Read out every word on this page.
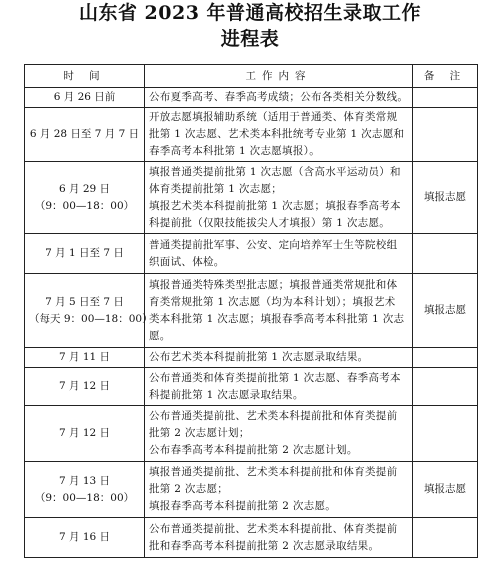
山东省 2023 年普通高校招生录取工作
进程表
时 间	工作内容	备 注

6 月 26 日前	公布夏季高考、春季高考成绩；公布各类相关分数线。	

6 月 28 日至 7 月 7 日	开放志愿填报辅助系统（适用于普通类、体育类常规
批第 1 次志愿、艺术类本科批统考专业第 1 次志愿和
春季高考本科批第 1 次志愿填报）。	

6 月 29 日
（9：00—18：00）	填报普通类提前批第 1 次志愿（含高水平运动员）和
体育类提前批第 1 次志愿；
填报艺术类本科提前批第 1 次志愿；填报春季高考本
科提前批（仅限技能拔尖人才填报）第 1 次志愿。	填报志愿

7 月 1 日至 7 日	普通类提前批军事、公安、定向培养军士生等院校组
织面试、体检。	

7 月 5 日至 7 日
（每天 9：00—18：00）	填报普通类特殊类型批志愿；填报普通类常规批和体
育类常规批第 1 次志愿（均为本科计划）；填报艺术
类本科批第 1 次志愿；填报春季高考本科批第 1 次志
愿。	填报志愿

7 月 11 日	公布艺术类本科提前批第 1 次志愿录取结果。	

7 月 12 日	公布普通类和体育类提前批第 1 次志愿、春季高考本
科提前批第 1 次志愿录取结果。	

7 月 12 日	公布普通类提前批、艺术类本科提前批和体育类提前
批第 2 次志愿计划；
公布春季高考本科提前批第 2 次志愿计划。	

7 月 13 日
（9：00—18：00）	填报普通类提前批、艺术类本科提前批和体育类提前
批第 2 次志愿；
填报春季高考本科提前批第 2 次志愿。	填报志愿

7 月 16 日	公布普通类提前批、艺术类本科提前批、体育类提前
批和春季高考本科提前批第 2 次志愿录取结果。	
